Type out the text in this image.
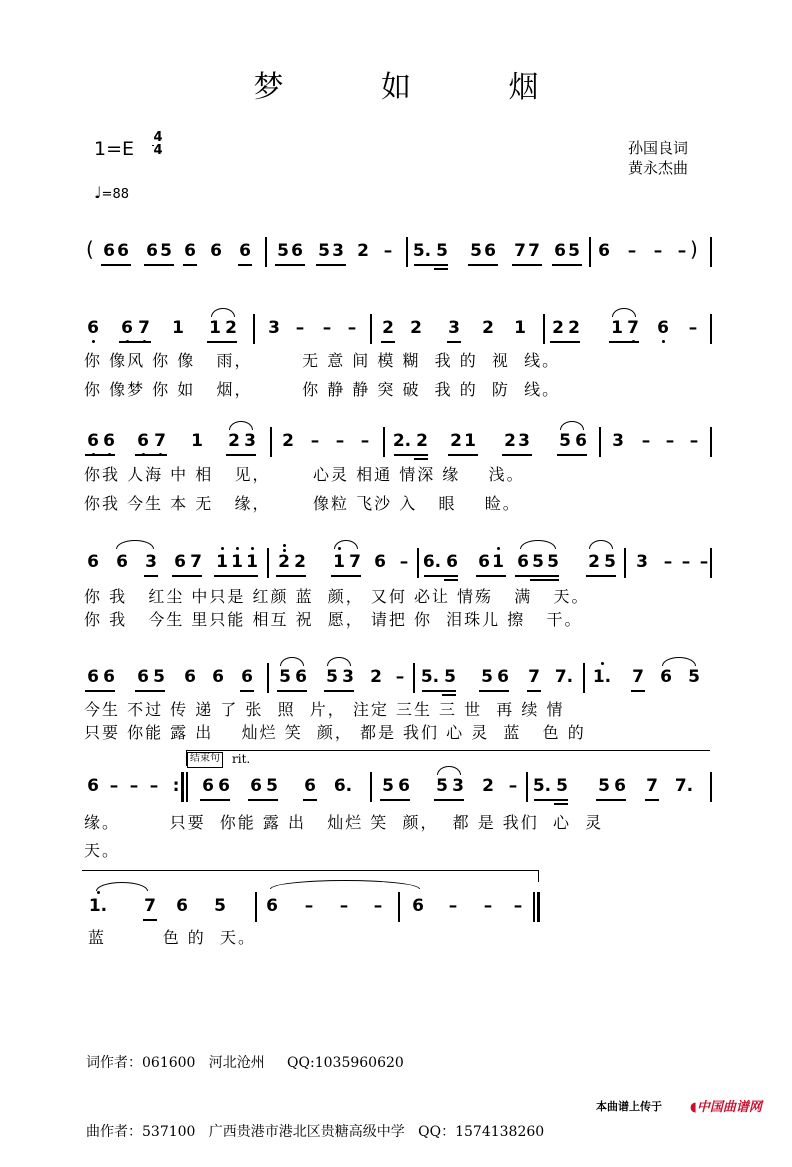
梦 如 烟
1=E
4
4	孙国良词
黄永杰曲
♩=88
( 6 6 6 5 6 6 6 5 6 5 3 2 –	5. 5 5 6 7 7 6 5 6	–	– – )
6 6 7 1 1 2 3 –	– –	2 2 3 2 1 2 2 1 7 6	–
你 像风 你 像   雨，       无 意 间 模 糊  我 的  视  线。
你 像梦 你 如   烟，       你 静 静 突 破  我 的  防  线。
6 6 6 7 1 2 3 2 – – –	2. 2 2 1 2 3 5 6 3	– – –
你我 人海 中 相   见，      心灵 相通 情深 缘    浅。
你我 今生 本 无   缘，      像粒 飞沙 入   眼    睑。
6 6 3 6 7 1 1 1 2 2 1 7 6 – 6. 6 6 1 6 5 5 2 5 3 – – –
你 我   红尘 中只是 红颜 蓝  颜， 又何 必让 情殇   满   天。
你 我   今生 里只能 相互 祝  愿， 请把 你  泪珠儿 擦   干。
6 6 6 5 6 6 6 5 6 5 3 2 – 5. 5 5 6 7 7. 1. 7 6 5
今生 不过 传 递 了 张  照  片， 注定 三生 三 世  再 续 情
只要 你能 露 出    灿烂 笑  颜， 都是 我们 心 灵  蓝   色 的
结束句 rit.
6 – – – :	6 6 6 5 6 6. 5 6 5 3 2 – 5. 5 5 6 7 7.
缘。       只要  你能 露 出   灿烂 笑  颜，  都 是 我们  心  灵
天。
1. 7 6 5 6	–	–	–	6	–	–	–
蓝        色 的  天。

词作者：061600   河北沧州     QQ:1035960620

曲作者：537100   广西贵港市港北区贵糖高级中学   QQ：1574138260

本曲谱上传于 ◖中国曲谱网
